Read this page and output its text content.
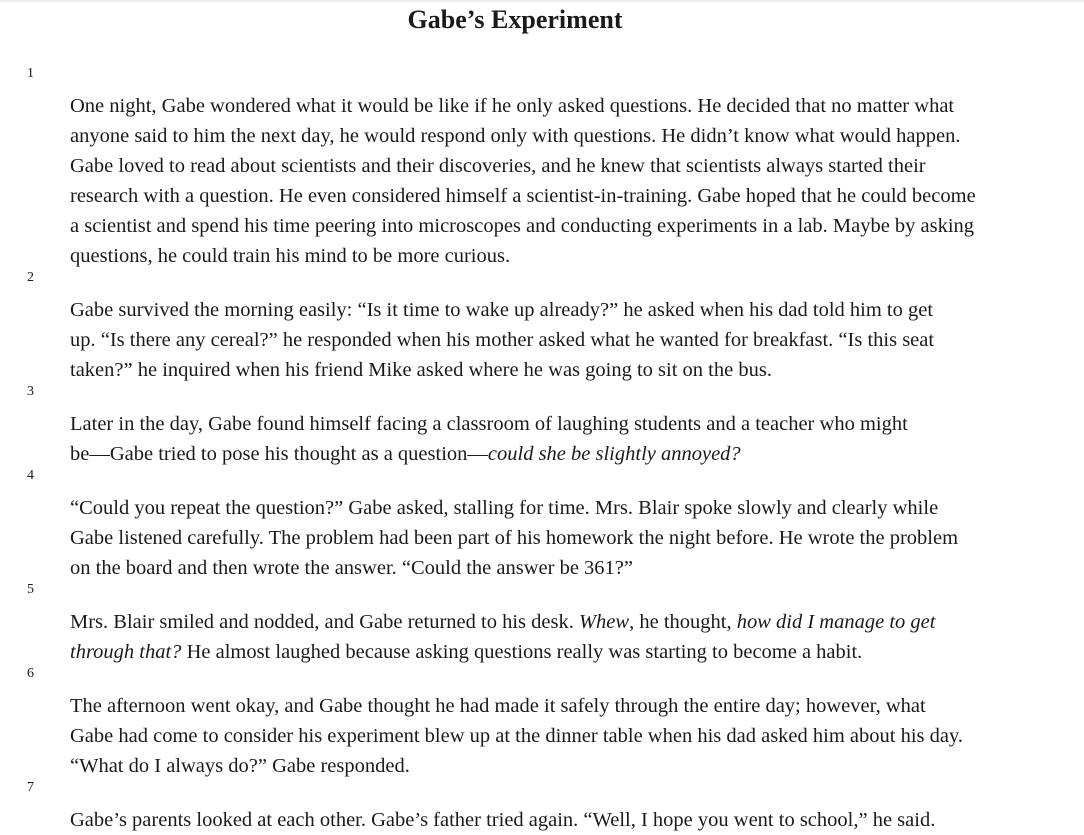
Gabe’s Experiment
1

One night, Gabe wondered what it would be like if he only asked questions. He decided that no matter what
anyone said to him the next day, he would respond only with questions. He didn’t know what would happen.
Gabe loved to read about scientists and their discoveries, and he knew that scientists always started their
research with a question. He even considered himself a scientist-in-training. Gabe hoped that he could become
a scientist and spend his time peering into microscopes and conducting experiments in a lab. Maybe by asking
questions, he could train his mind to be more curious.

2

Gabe survived the morning easily: “Is it time to wake up already?” he asked when his dad told him to get
up. “Is there any cereal?” he responded when his mother asked what he wanted for breakfast. “Is this seat
taken?” he inquired when his friend Mike asked where he was going to sit on the bus.

3

Later in the day, Gabe found himself facing a classroom of laughing students and a teacher who might
be—Gabe tried to pose his thought as a question—could she be slightly annoyed?

4

“Could you repeat the question?” Gabe asked, stalling for time. Mrs. Blair spoke slowly and clearly while
Gabe listened carefully. The problem had been part of his homework the night before. He wrote the problem
on the board and then wrote the answer. “Could the answer be 361?”

5

Mrs. Blair smiled and nodded, and Gabe returned to his desk. Whew, he thought, how did I manage to get
through that? He almost laughed because asking questions really was starting to become a habit.

6

The afternoon went okay, and Gabe thought he had made it safely through the entire day; however, what
Gabe had come to consider his experiment blew up at the dinner table when his dad asked him about his day.
“What do I always do?” Gabe responded.

7

Gabe’s parents looked at each other. Gabe’s father tried again. “Well, I hope you went to school,” he said.
